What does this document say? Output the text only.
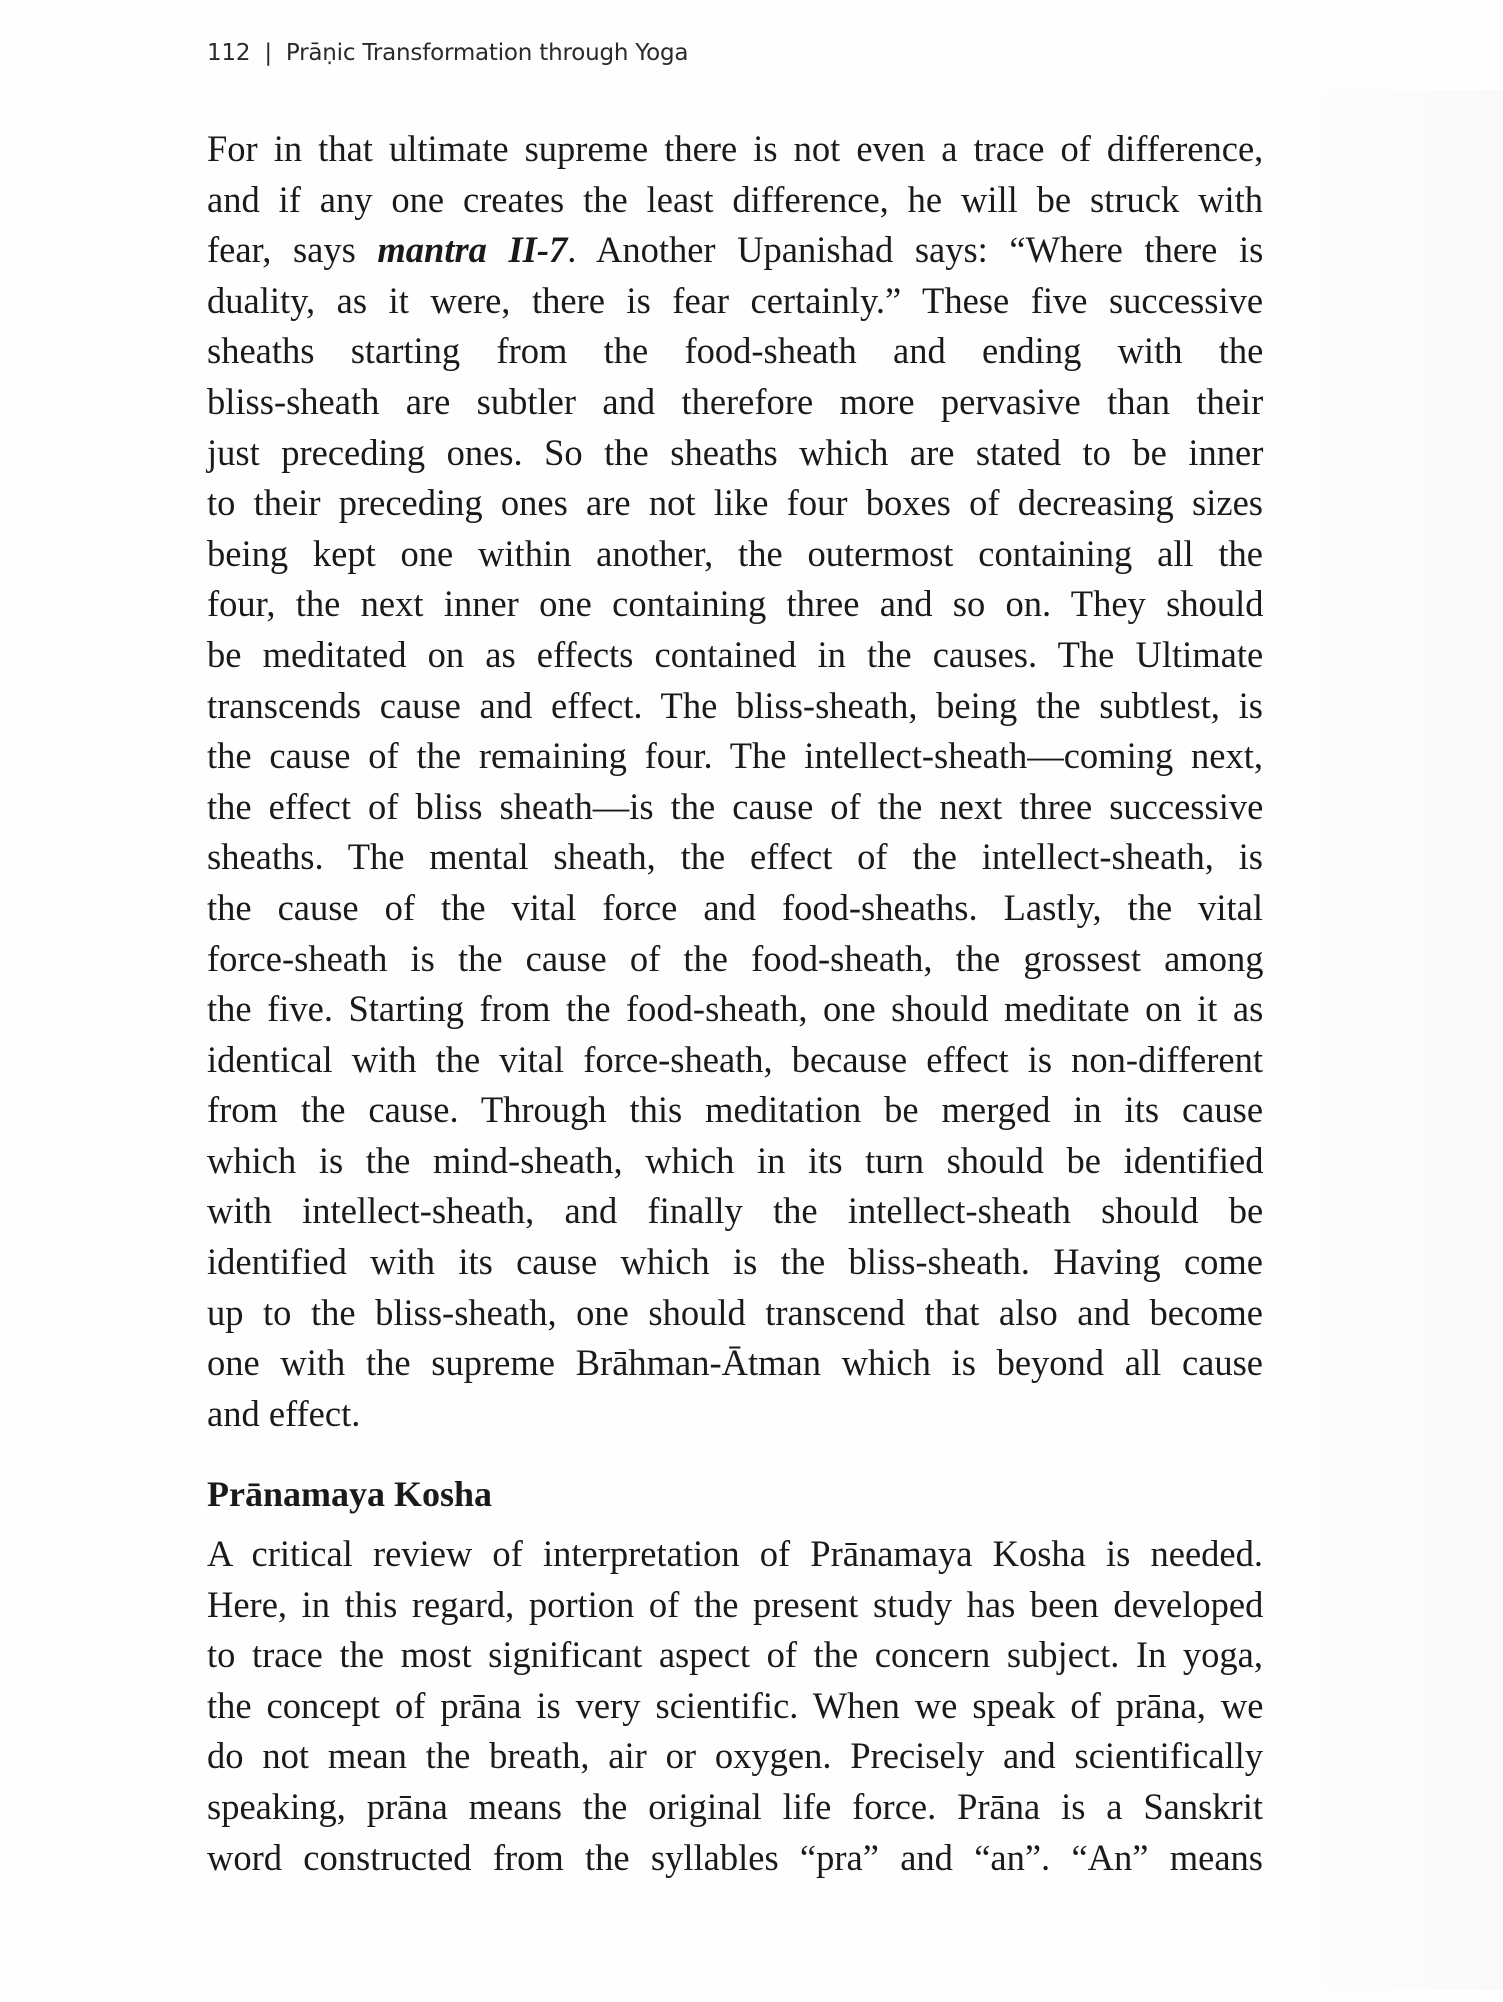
112 | Prāṇic Transformation through Yoga
For in that ultimate supreme there is not even a trace of difference,
and if any one creates the least difference, he will be struck with
fear, says mantra II-7. Another Upanishad says: “Where there is
duality, as it were, there is fear certainly.” These five successive
sheaths starting from the food-sheath and ending with the
bliss-sheath are subtler and therefore more pervasive than their
just preceding ones. So the sheaths which are stated to be inner
to their preceding ones are not like four boxes of decreasing sizes
being kept one within another, the outermost containing all the
four, the next inner one containing three and so on. They should
be meditated on as effects contained in the causes. The Ultimate
transcends cause and effect. The bliss-sheath, being the subtlest, is
the cause of the remaining four. The intellect-sheath—coming next,
the effect of bliss sheath—is the cause of the next three successive
sheaths. The mental sheath, the effect of the intellect-sheath, is
the cause of the vital force and food-sheaths. Lastly, the vital
force-sheath is the cause of the food-sheath, the grossest among
the five. Starting from the food-sheath, one should meditate on it as
identical with the vital force-sheath, because effect is non-different
from the cause. Through this meditation be merged in its cause
which is the mind-sheath, which in its turn should be identified
with intellect-sheath, and finally the intellect-sheath should be
identified with its cause which is the bliss-sheath. Having come
up to the bliss-sheath, one should transcend that also and become
one with the supreme Brāhman-Ātman which is beyond all cause
and effect.
Prānamaya Kosha
A critical review of interpretation of Prānamaya Kosha is needed.
Here, in this regard, portion of the present study has been developed
to trace the most significant aspect of the concern subject. In yoga,
the concept of prāna is very scientific. When we speak of prāna, we
do not mean the breath, air or oxygen. Precisely and scientifically
speaking, prāna means the original life force. Prāna is a Sanskrit
word constructed from the syllables “pra” and “an”. “An” means
